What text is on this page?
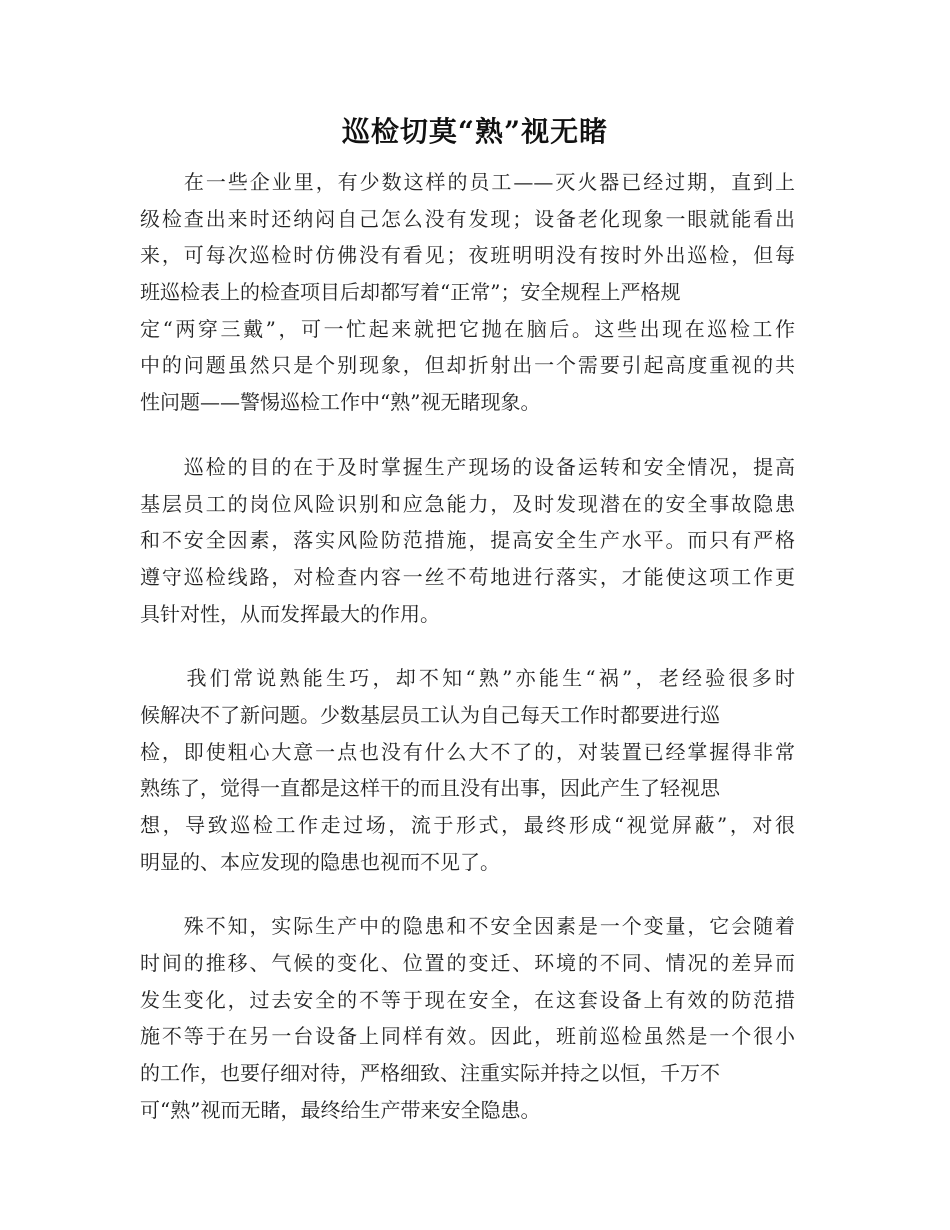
巡检切莫“熟”视无睹
　　在一些企业里，有少数这样的员工——灭火器已经过期，直到上
级检查出来时还纳闷自己怎么没有发现；设备老化现象一眼就能看出
来，可每次巡检时仿佛没有看见；夜班明明没有按时外出巡检，但每
班巡检表上的检查项目后却都写着“正常”；安全规程上严格规
定“两穿三戴”，可一忙起来就把它抛在脑后。这些出现在巡检工作
中的问题虽然只是个别现象，但却折射出一个需要引起高度重视的共
性问题——警惕巡检工作中“熟”视无睹现象。
　　巡检的目的在于及时掌握生产现场的设备运转和安全情况，提高
基层员工的岗位风险识别和应急能力，及时发现潜在的安全事故隐患
和不安全因素，落实风险防范措施，提高安全生产水平。而只有严格
遵守巡检线路，对检查内容一丝不苟地进行落实，才能使这项工作更
具针对性，从而发挥最大的作用。
　　我们常说熟能生巧，却不知“熟”亦能生“祸”，老经验很多时
候解决不了新问题。少数基层员工认为自己每天工作时都要进行巡
检，即使粗心大意一点也没有什么大不了的，对装置已经掌握得非常
熟练了，觉得一直都是这样干的而且没有出事，因此产生了轻视思
想，导致巡检工作走过场，流于形式，最终形成“视觉屏蔽”，对很
明显的、本应发现的隐患也视而不见了。
　　殊不知，实际生产中的隐患和不安全因素是一个变量，它会随着
时间的推移、气候的变化、位置的变迁、环境的不同、情况的差异而
发生变化，过去安全的不等于现在安全，在这套设备上有效的防范措
施不等于在另一台设备上同样有效。因此，班前巡检虽然是一个很小
的工作，也要仔细对待，严格细致、注重实际并持之以恒，千万不
可“熟”视而无睹，最终给生产带来安全隐患。
